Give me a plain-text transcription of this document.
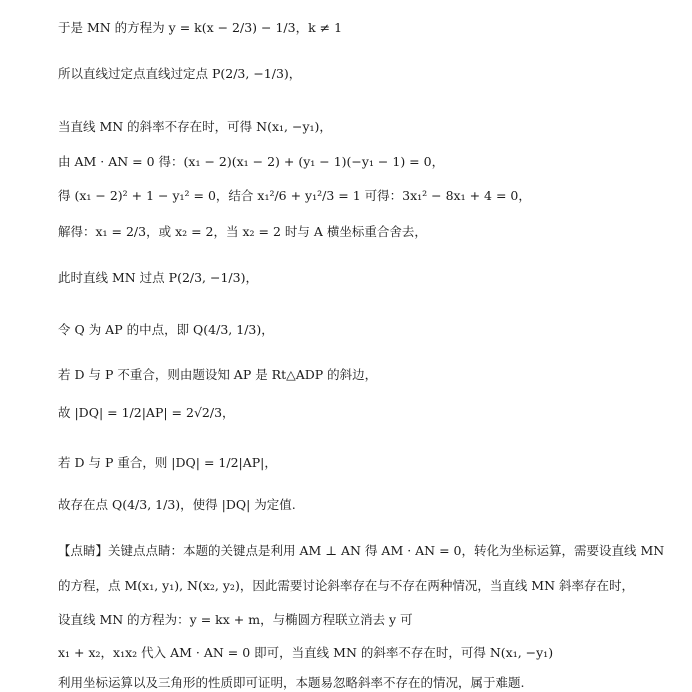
于是 MN 的方程为 y = k(x − 2/3) − 1/3，k ≠ 1
所以直线过定点直线过定点 P(2/3, −1/3)，
当直线 MN 的斜率不存在时，可得 N(x₁, −y₁)，
由 AM · AN = 0 得：(x₁ − 2)(x₁ − 2) + (y₁ − 1)(−y₁ − 1) = 0，
得 (x₁ − 2)² + 1 − y₁² = 0，结合 x₁²/6 + y₁²/3 = 1 可得：3x₁² − 8x₁ + 4 = 0，
解得：x₁ = 2/3，或 x₂ = 2，当 x₂ = 2 时与 A 横坐标重合舍去，
此时直线 MN 过点 P(2/3, −1/3)，
令 Q 为 AP 的中点，即 Q(4/3, 1/3)，
若 D 与 P 不重合，则由题设知 AP 是 Rt△ADP 的斜边，
故 |DQ| = 1/2|AP| = 2√2/3，
若 D 与 P 重合，则 |DQ| = 1/2|AP|，
故存在点 Q(4/3, 1/3)，使得 |DQ| 为定值.
【点睛】关键点点睛：本题的关键点是利用 AM ⊥ AN 得 AM · AN = 0，转化为坐标运算，需要设直线 MN
的方程，点 M(x₁, y₁), N(x₂, y₂)，因此需要讨论斜率存在与不存在两种情况，当直线 MN 斜率存在时，
设直线 MN 的方程为：y = kx + m，与椭圆方程联立消去 y 可
x₁ + x₂，x₁x₂ 代入 AM · AN = 0 即可，当直线 MN 的斜率不存在时，可得 N(x₁, −y₁)
利用坐标运算以及三角形的性质即可证明，本题易忽略斜率不存在的情况，属于难题.
